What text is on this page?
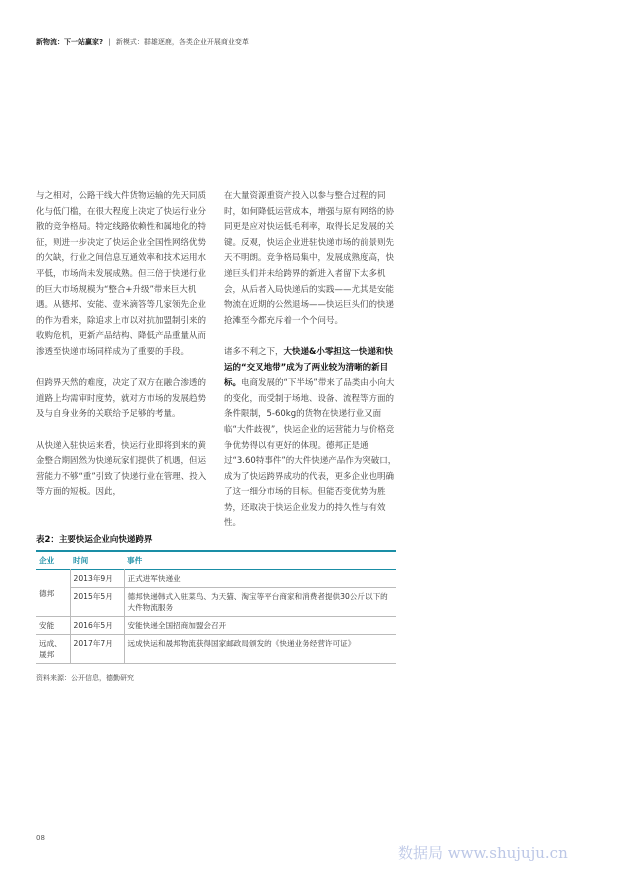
新物流：下一站赢家? | 新模式：群雄逐鹿，各类企业开展商业变革

与之相对，公路干线大件货物运输的先天同质化与低门槛，在很大程度上决定了快运行业分散的竞争格局。特定线路依赖性和属地化的特征，则进一步决定了快运企业全国性网络优势的欠缺，行业之间信息互通效率和技术运用水平低，市场尚未发展成熟。但三倍于快递行业的巨大市场规模为“整合+升级”带来巨大机遇。从德邦、安能、壹米滴答等几家领先企业的作为看来，除追求上市以对抗加盟制引来的收购危机，更新产品结构、降低产品重量从而渗透至快递市场同样成为了重要的手段。

但跨界天然的难度，决定了双方在融合渗透的道路上均需审时度势，就对方市场的发展趋势及与自身业务的关联给予足够的考量。

从快递入驻快运来看，快运行业即将到来的黄金整合期固然为快递玩家们提供了机遇，但运营能力不够“重”引致了快递行业在管理、投入等方面的短板。因此，

在大量资源重资产投入以参与整合过程的同时，如何降低运营成本，增强与原有网络的协同更是应对快运低毛利率，取得长足发展的关键。反观，快运企业进驻快递市场的前景则先天不明朗。竞争格局集中，发展成熟度高，快递巨头们并未给跨界的新进入者留下太多机会，从后者入局快递后的实践——尤其是安能物流在近期的公然退场——快运巨头们的快递抢滩至今都充斥着一个个问号。

诸多不利之下，大快递&小零担这一快递和快运的“交叉地带”成为了两业较为清晰的新目标。电商发展的“下半场”带来了品类由小向大的变化，而受制于场地、设备、流程等方面的条件限制，5-60kg的货物在快递行业又面临“大件歧视”，快运企业的运营能力与价格竞争优势得以有更好的体现。德邦正是通过“3.60特事件”的大件快递产品作为突破口，成为了快运跨界成功的代表，更多企业也明确了这一细分市场的目标。但能否变优势为胜势，还取决于快运企业发力的持久性与有效性。

表2：主要快运企业向快递跨界
企业	时间	事件
德邦	2013年9月	正式进军快递业
	2015年5月	德邦快递韩式入驻菜鸟、为天猫、淘宝等平台商家和消费者提供30公斤以下的大件物流服务
安能	2016年5月	安能快递全国招商加盟会召开
远成、晟邦	2017年7月	远成快运和晟邦物流获得国家邮政局颁发的《快递业务经营许可证》
资料来源：公开信息，德勤研究
08
数据局 www.shujuju.cn
